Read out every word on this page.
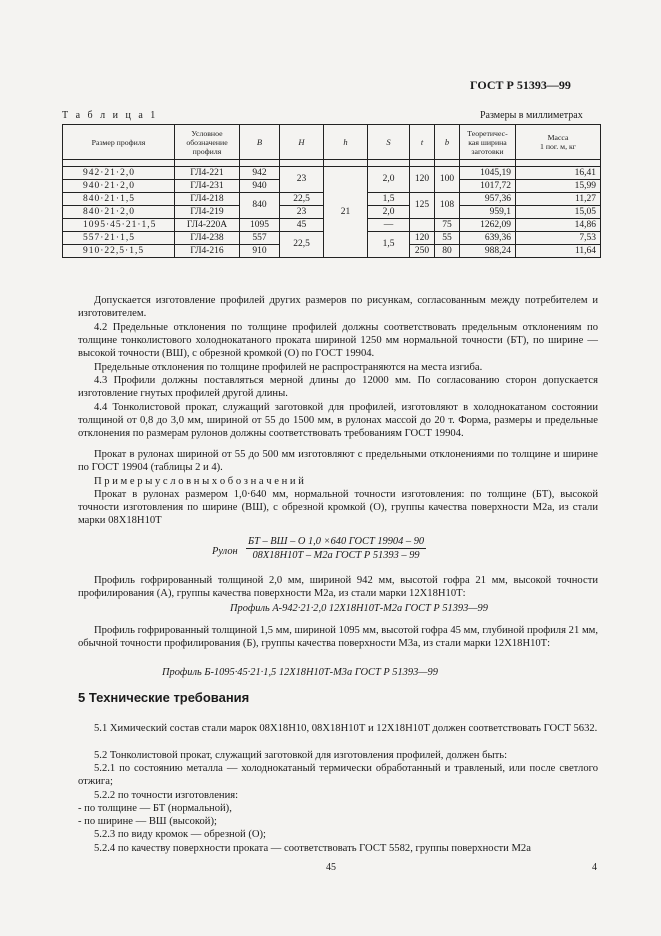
ГОСТ Р 51393—99
Т а б л и ц а 1	Размеры в миллиметрах
Размер профиля	Условное
обозначение
профиля	B	H	h	S	t	b	Теоретичес-
кая ширина
заготовки	Масса
1 пог. м, кг

942·21·2,0	ГЛ4-221	942	23	21	2,0	120	100	1045,19	16,41
940·21·2,0	ГЛ4-231	940						1017,72	15,99
840·21·1,5	ГЛ4-218	840	22,5		1,5	125	108	957,36	11,27
840·21·2,0	ГЛ4-219		23		2,0			959,1	15,05
1095·45·21·1,5	ГЛ4-220А	1095	45		—		75	1262,09	14,86
557·21·1,5	ГЛ4-238	557	22,5		1,5	120	55	639,36	7,53
910·22,5·1,5	ГЛ4-216	910				250	80	988,24	11,64
Допускается изготовление профилей других размеров по рисункам, согласованным между потребителем и изготовителем.
4.2 Предельные отклонения по толщине профилей должны соответствовать предельным отклонениям по толщине тонколистового холоднокатаного проката шириной 1250 мм нормальной точности (БТ), по ширине — высокой точности (ВШ), с обрезной кромкой (О) по ГОСТ 19904.
Предельные отклонения по толщине профилей не распространяются на места изгиба.
4.3 Профили должны поставляться мерной длины до 12000 мм. По согласованию сторон допускается изготовление гнутых профилей другой длины.
4.4 Тонколистовой прокат, служащий заготовкой для профилей, изготовляют в холоднокатаном состоянии толщиной от 0,8 до 3,0 мм, шириной от 55 до 1500 мм, в рулонах массой до 20 т. Форма, размеры и предельные отклонения по размерам рулонов должны соответствовать требованиям ГОСТ 19904.
Прокат в рулонах шириной от 55 до 500 мм изготовляют с предельными отклонениями по толщине и ширине по ГОСТ 19904 (таблицы 2 и 4).
П р и м е р ы у с л о в н ы х о б о з н а ч е н и й
Прокат в рулонах размером 1,0·640 мм, нормальной точности изготовления: по толщине (БТ), высокой точности изготовления по ширине (ВШ), с обрезной кромкой (О), группы качества поверхности М2а, из стали марки 08Х18Н10Т
Рулон
БТ – ВШ – О 1,0 ×640 ГОСТ 19904 – 90
08Х18Н10Т – М2а ГОСТ Р 51393 – 99
Профиль гофрированный толщиной 2,0 мм, шириной 942 мм, высотой гофра 21 мм, высокой точности профилирования (А), группы качества поверхности М2а, из стали марки 12Х18Н10Т:
Профиль А-942·21·2,0 12Х18Н10Т-М2а ГОСТ Р 51393—99
Профиль гофрированный толщиной 1,5 мм, шириной 1095 мм, высотой гофра 45 мм, глубиной профиля 21 мм, обычной точности профилирования (Б), группы качества поверхности М3а, из стали марки 12Х18Н10Т:
Профиль Б-1095·45·21·1,5 12Х18Н10Т-М3а ГОСТ Р 51393—99
5 Технические требования
5.1 Химический состав стали марок 08Х18Н10, 08Х18Н10Т и 12Х18Н10Т должен соответствовать ГОСТ 5632.
5.2 Тонколистовой прокат, служащий заготовкой для изготовления профилей, должен быть:
5.2.1 по состоянию металла — холоднокатаный термически обработанный и травленый, или после светлого отжига;
5.2.2 по точности изготовления:
- по толщине — БТ (нормальной),
- по ширине — ВШ (высокой);
5.2.3 по виду кромок — обрезной (О);
5.2.4 по качеству поверхности проката — соответствовать ГОСТ 5582, группы поверхности М2а
45	4
